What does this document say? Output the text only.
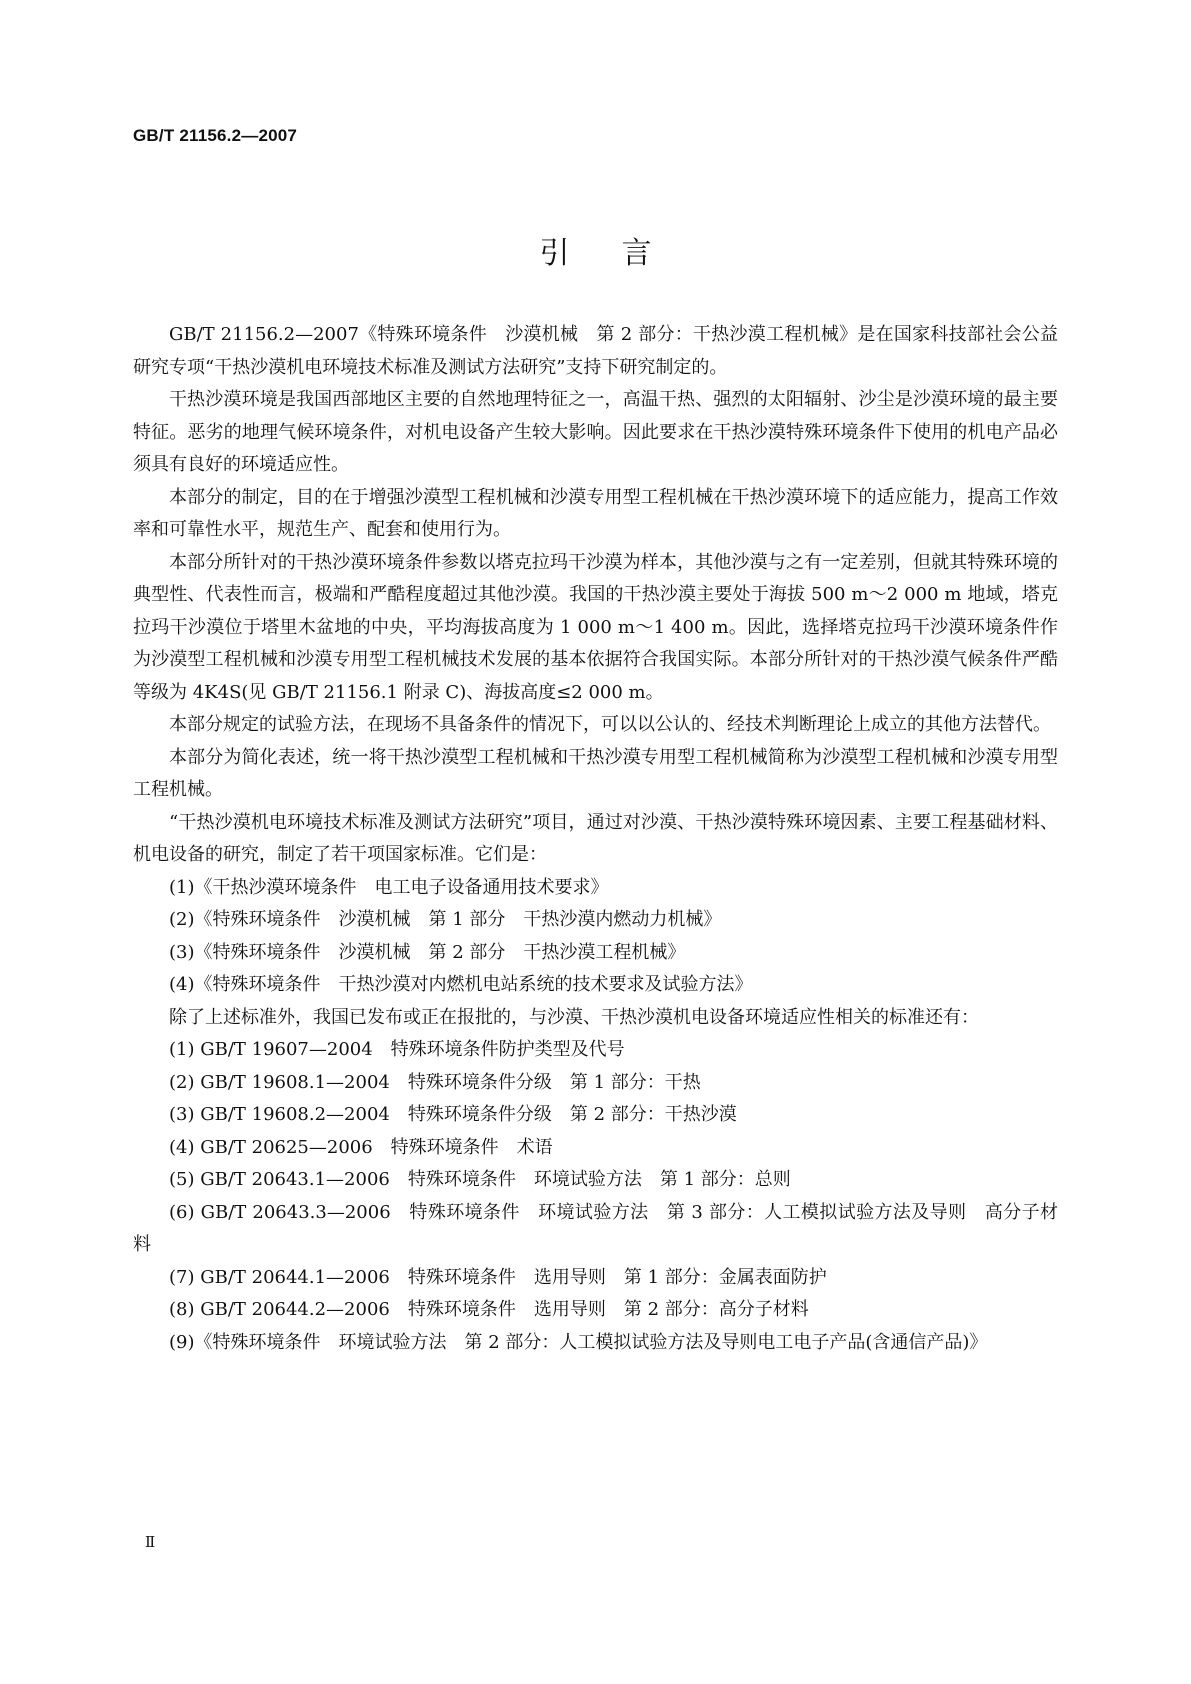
GB/T 21156.2—2007
引言

GB/T 21156.2—2007《特殊环境条件　沙漠机械　第 2 部分：干热沙漠工程机械》是在国家科技部社会公益研究专项“干热沙漠机电环境技术标准及测试方法研究”支持下研究制定的。

干热沙漠环境是我国西部地区主要的自然地理特征之一，高温干热、强烈的太阳辐射、沙尘是沙漠环境的最主要特征。恶劣的地理气候环境条件，对机电设备产生较大影响。因此要求在干热沙漠特殊环境条件下使用的机电产品必须具有良好的环境适应性。

本部分的制定，目的在于增强沙漠型工程机械和沙漠专用型工程机械在干热沙漠环境下的适应能力，提高工作效率和可靠性水平，规范生产、配套和使用行为。

本部分所针对的干热沙漠环境条件参数以塔克拉玛干沙漠为样本，其他沙漠与之有一定差别，但就其特殊环境的典型性、代表性而言，极端和严酷程度超过其他沙漠。我国的干热沙漠主要处于海拔 500 m～2 000 m 地域，塔克拉玛干沙漠位于塔里木盆地的中央，平均海拔高度为 1 000 m～1 400 m。因此，选择塔克拉玛干沙漠环境条件作为沙漠型工程机械和沙漠专用型工程机械技术发展的基本依据符合我国实际。本部分所针对的干热沙漠气候条件严酷等级为 4K4S(见 GB/T 21156.1 附录 C)、海拔高度≤2 000 m。

本部分规定的试验方法，在现场不具备条件的情况下，可以以公认的、经技术判断理论上成立的其他方法替代。

本部分为简化表述，统一将干热沙漠型工程机械和干热沙漠专用型工程机械简称为沙漠型工程机械和沙漠专用型工程机械。

“干热沙漠机电环境技术标准及测试方法研究”项目，通过对沙漠、干热沙漠特殊环境因素、主要工程基础材料、机电设备的研究，制定了若干项国家标准。它们是：

(1)《干热沙漠环境条件　电工电子设备通用技术要求》

(2)《特殊环境条件　沙漠机械　第 1 部分　干热沙漠内燃动力机械》

(3)《特殊环境条件　沙漠机械　第 2 部分　干热沙漠工程机械》

(4)《特殊环境条件　干热沙漠对内燃机电站系统的技术要求及试验方法》

除了上述标准外，我国已发布或正在报批的，与沙漠、干热沙漠机电设备环境适应性相关的标准还有：

(1) GB/T 19607—2004　特殊环境条件防护类型及代号

(2) GB/T 19608.1—2004　特殊环境条件分级　第 1 部分：干热

(3) GB/T 19608.2—2004　特殊环境条件分级　第 2 部分：干热沙漠

(4) GB/T 20625—2006　特殊环境条件　术语

(5) GB/T 20643.1—2006　特殊环境条件　环境试验方法　第 1 部分：总则

(6) GB/T 20643.3—2006　特殊环境条件　环境试验方法　第 3 部分：人工模拟试验方法及导则　高分子材料

(7) GB/T 20644.1—2006　特殊环境条件　选用导则　第 1 部分：金属表面防护

(8) GB/T 20644.2—2006　特殊环境条件　选用导则　第 2 部分：高分子材料

(9)《特殊环境条件　环境试验方法　第 2 部分：人工模拟试验方法及导则电工电子产品(含通信产品)》

Ⅱ
